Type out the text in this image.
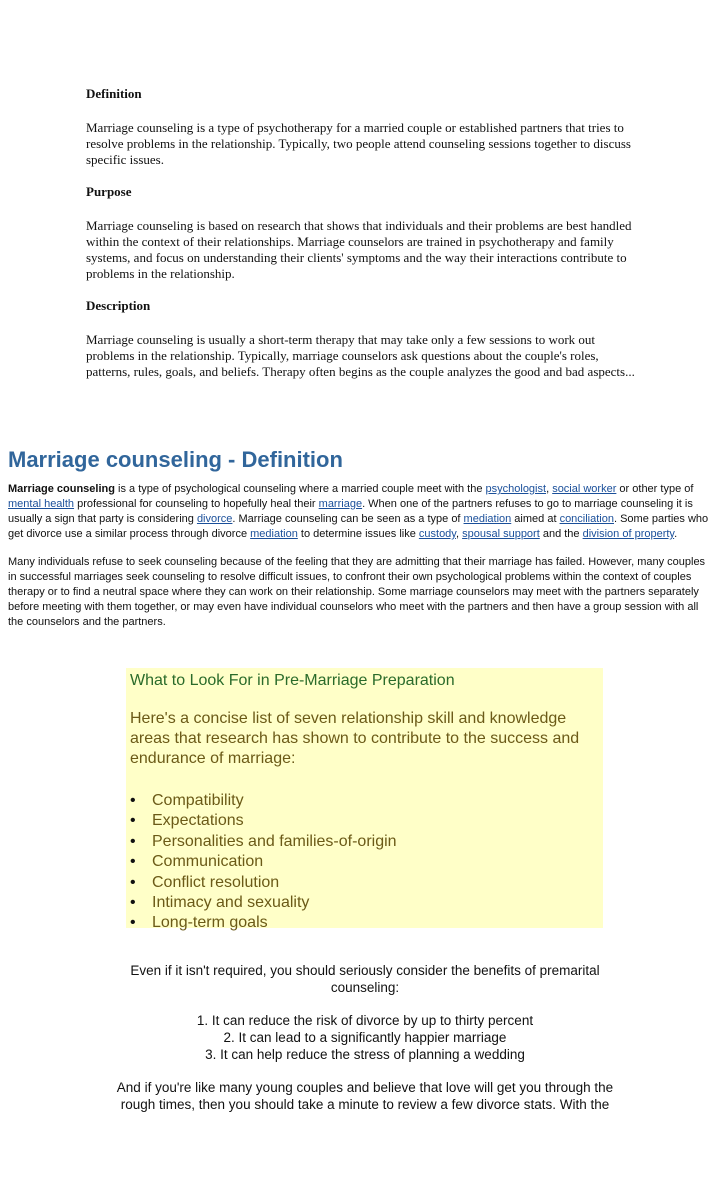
Definition

Marriage counseling is a type of psychotherapy for a married couple or established partners that tries to resolve problems in the relationship. Typically, two people attend counseling sessions together to discuss specific issues.

Purpose

Marriage counseling is based on research that shows that individuals and their problems are best handled within the context of their relationships. Marriage counselors are trained in psychotherapy and family systems, and focus on understanding their clients' symptoms and the way their interactions contribute to problems in the relationship.

Description

Marriage counseling is usually a short-term therapy that may take only a few sessions to work out problems in the relationship. Typically, marriage counselors ask questions about the couple's roles, patterns, rules, goals, and beliefs. Therapy often begins as the couple analyzes the good and bad aspects...

Marriage counseling - Definition

Marriage counseling is a type of psychological counseling where a married couple meet with the psychologist, social worker or other type of mental health professional for counseling to hopefully heal their marriage. When one of the partners refuses to go to marriage counseling it is usually a sign that party is considering divorce. Marriage counseling can be seen as a type of mediation aimed at conciliation. Some parties who get divorce use a similar process through divorce mediation to determine issues like custody, spousal support and the division of property.

Many individuals refuse to seek counseling because of the feeling that they are admitting that their marriage has failed. However, many couples in successful marriages seek counseling to resolve difficult issues, to confront their own psychological problems within the context of couples therapy or to find a neutral space where they can work on their relationship. Some marriage counselors may meet with the partners separately before meeting with them together, or may even have individual counselors who meet with the partners and then have a group session with all the counselors and the partners.

What to Look For in Pre-Marriage Preparation
Here's a concise list of seven relationship skill and knowledge areas that research has shown to contribute to the success and endurance of marriage:
• Compatibility
• Expectations
• Personalities and families-of-origin
• Communication
• Conflict resolution
• Intimacy and sexuality
• Long-term goals

Even if it isn't required, you should seriously consider the benefits of premarital counseling:

1. It can reduce the risk of divorce by up to thirty percent
2. It can lead to a significantly happier marriage
3. It can help reduce the stress of planning a wedding

And if you're like many young couples and believe that love will get you through the rough times, then you should take a minute to review a few divorce stats. With the
